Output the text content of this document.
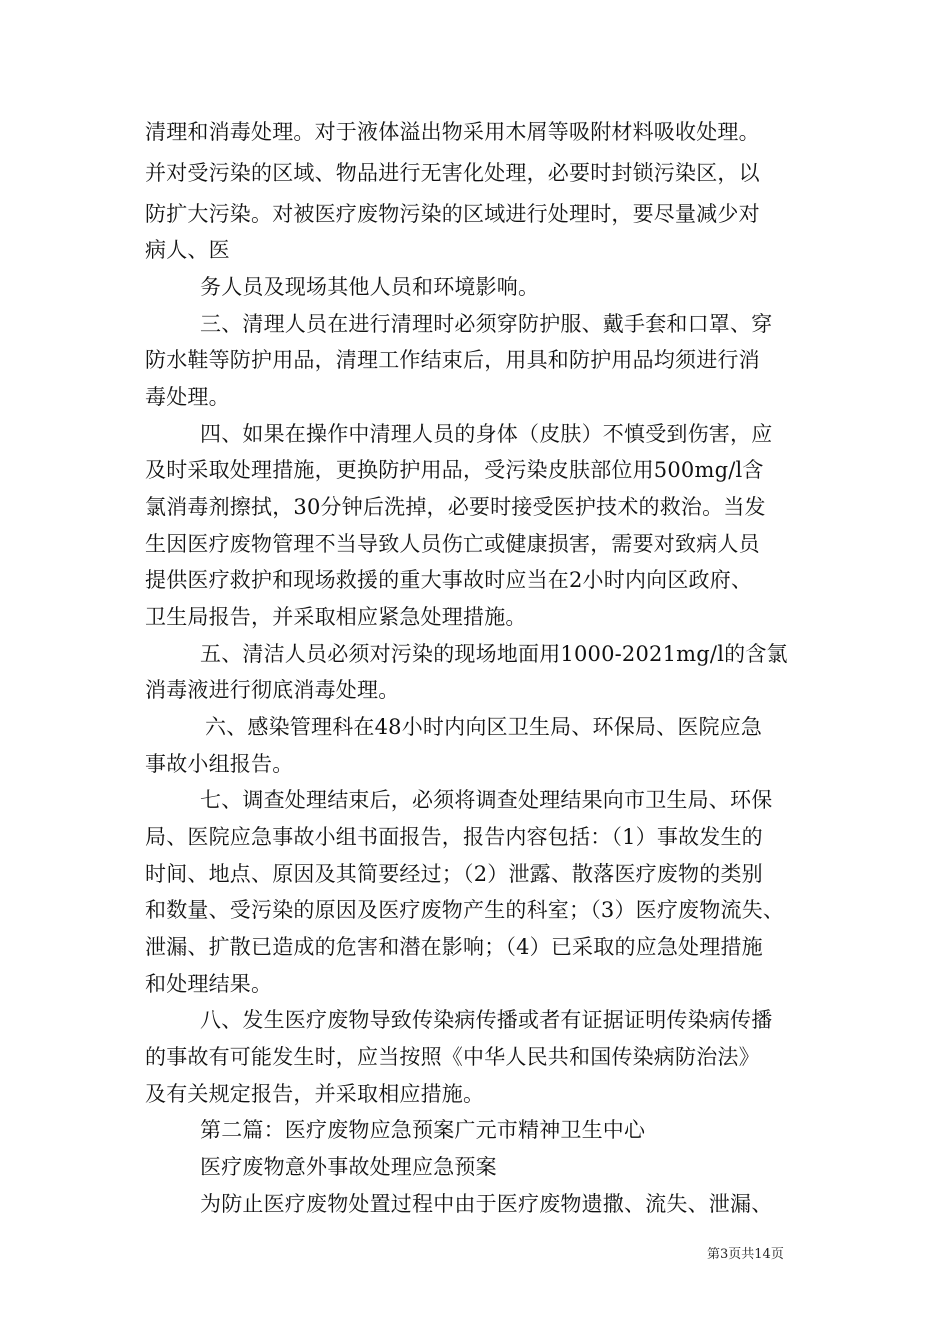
清理和消毒处理。对于液体溢出物采用木屑等吸附材料吸收处理。
并对受污染的区域、物品进行无害化处理，必要时封锁污染区，以
防扩大污染。对被医疗废物污染的区域进行处理时，要尽量减少对
病人、医
务人员及现场其他人员和环境影响。
三、清理人员在进行清理时必须穿防护服、戴手套和口罩、穿
防水鞋等防护用品，清理工作结束后，用具和防护用品均须进行消
毒处理。
四、如果在操作中清理人员的身体（皮肤）不慎受到伤害，应
及时采取处理措施，更换防护用品，受污染皮肤部位用500mg/l含
氯消毒剂擦拭，30分钟后洗掉，必要时接受医护技术的救治。当发
生因医疗废物管理不当导致人员伤亡或健康损害，需要对致病人员
提供医疗救护和现场救援的重大事故时应当在2小时内向区政府、
卫生局报告，并采取相应紧急处理措施。
五、清洁人员必须对污染的现场地面用1000-2021mg/l的含氯
消毒液进行彻底消毒处理。
六、感染管理科在48小时内向区卫生局、环保局、医院应急
事故小组报告。
七、调查处理结束后，必须将调查处理结果向市卫生局、环保
局、医院应急事故小组书面报告，报告内容包括：（1）事故发生的
时间、地点、原因及其简要经过；（2）泄露、散落医疗废物的类别
和数量、受污染的原因及医疗废物产生的科室；（3）医疗废物流失、
泄漏、扩散已造成的危害和潜在影响；（4）已采取的应急处理措施
和处理结果。
八、发生医疗废物导致传染病传播或者有证据证明传染病传播
的事故有可能发生时，应当按照《中华人民共和国传染病防治法》
及有关规定报告，并采取相应措施。
第二篇：医疗废物应急预案广元市精神卫生中心
医疗废物意外事故处理应急预案
为防止医疗废物处置过程中由于医疗废物遗撒、流失、泄漏、
第3页共14页
